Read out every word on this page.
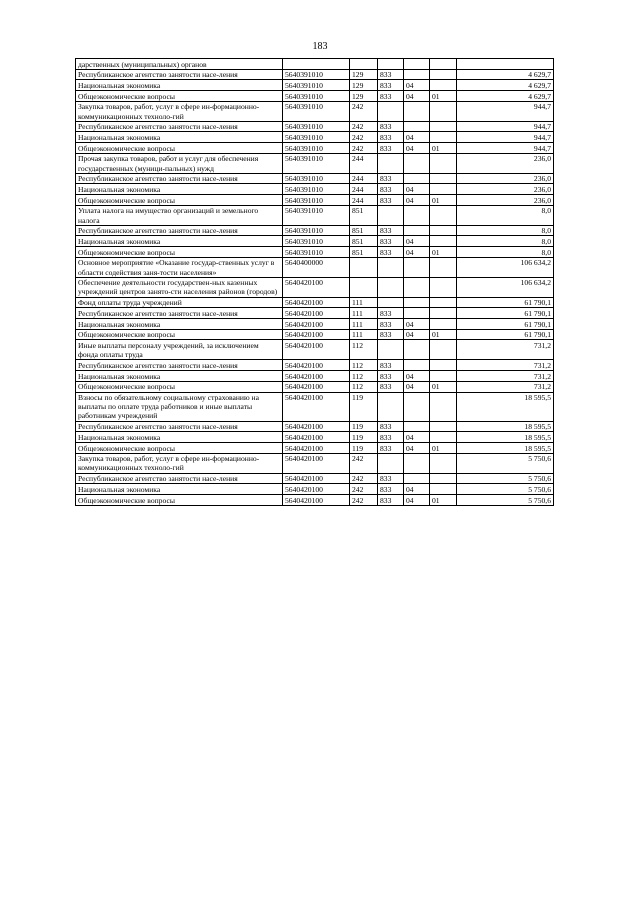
183
дарственных (муниципальных) органов						
Республиканское агентство занятости насе-ления	5640391010	129	833			4 629,7
Национальная экономика	5640391010	129	833	04		4 629,7
Общеэкономические вопросы	5640391010	129	833	04	01	4 629,7
Закупка товаров, работ, услуг в сфере ин-формационно-коммуникационных техноло-гий	5640391010	242				944,7
Республиканское агентство занятости насе-ления	5640391010	242	833			944,7
Национальная экономика	5640391010	242	833	04		944,7
Общеэкономические вопросы	5640391010	242	833	04	01	944,7
Прочая закупка товаров, работ и услуг для обеспечения государственных (муници-пальных) нужд	5640391010	244				236,0
Республиканское агентство занятости насе-ления	5640391010	244	833			236,0
Национальная экономика	5640391010	244	833	04		236,0
Общеэкономические вопросы	5640391010	244	833	04	01	236,0
Уплата налога на имущество организаций и земельного налога	5640391010	851				8,0
Республиканское агентство занятости насе-ления	5640391010	851	833			8,0
Национальная экономика	5640391010	851	833	04		8,0
Общеэкономические вопросы	5640391010	851	833	04	01	8,0
Основное мероприятие «Оказание государ-ственных услуг в области содействия заня-тости населения»	5640400000					106 634,2
Обеспечение деятельности государствен-ных казенных учреждений центров занято-сти населения районов (городов)	5640420100					106 634,2
Фонд оплаты труда учреждений	5640420100	111				61 790,1
Республиканское агентство занятости насе-ления	5640420100	111	833			61 790,1
Национальная экономика	5640420100	111	833	04		61 790,1
Общеэкономические вопросы	5640420100	111	833	04	01	61 790,1
Иные выплаты персоналу учреждений, за исключением фонда оплаты труда	5640420100	112				731,2
Республиканское агентство занятости насе-ления	5640420100	112	833			731,2
Национальная экономика	5640420100	112	833	04		731,2
Общеэкономические вопросы	5640420100	112	833	04	01	731,2
Взносы по обязательному социальному страхованию на выплаты по оплате труда работников и иные выплаты работникам учреждений	5640420100	119				18 595,5
Республиканское агентство занятости насе-ления	5640420100	119	833			18 595,5
Национальная экономика	5640420100	119	833	04		18 595,5
Общеэкономические вопросы	5640420100	119	833	04	01	18 595,5
Закупка товаров, работ, услуг в сфере ин-формационно-коммуникационных техноло-гий	5640420100	242				5 750,6
Республиканское агентство занятости насе-ления	5640420100	242	833			5 750,6
Национальная экономика	5640420100	242	833	04		5 750,6
Общеэкономические вопросы	5640420100	242	833	04	01	5 750,6
